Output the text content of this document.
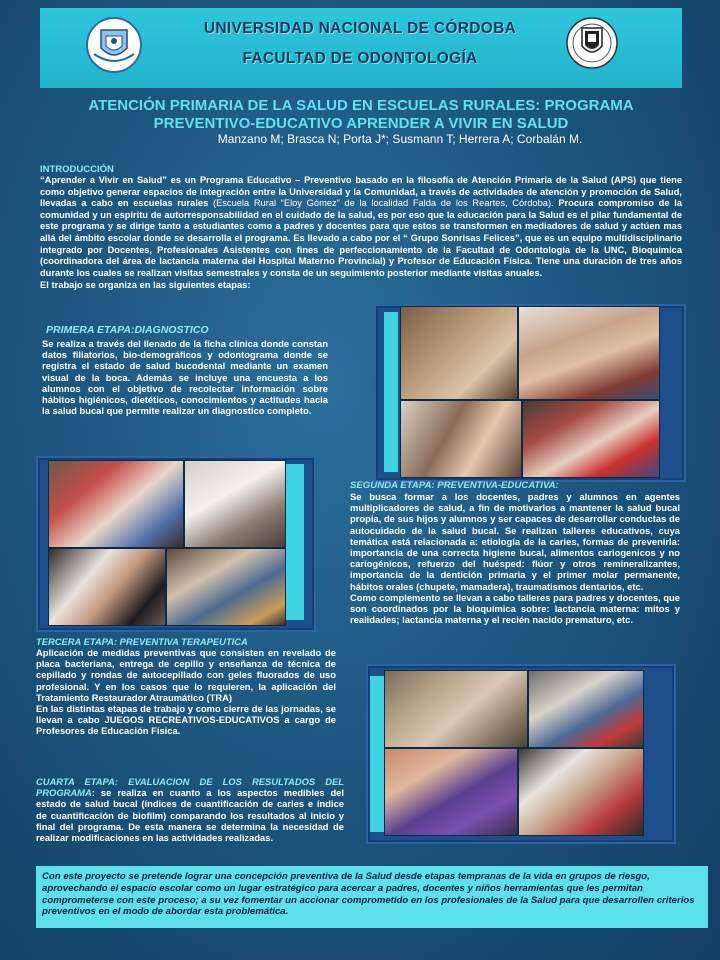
UNIVERSIDAD NACIONAL DE CÓRDOBA
FACULTAD DE ODONTOLOGÍA
ATENCIÓN PRIMARIA DE LA SALUD EN ESCUELAS RURALES: PROGRAMA
PREVENTIVO-EDUCATIVO APRENDER A VIVIR EN SALUD
Manzano M; Brasca N; Porta J*; Susmann T; Herrera A; Corbalán M.
INTRODUCCIÓN
“Aprender a Vivir en Salud” es un Programa Educativo – Preventivo basado en la filosofía de Atención Primaria de la Salud (APS) que tiene como objetivo generar espacios de integración entre la Universidad y la Comunidad, a través de actividades de atención y promoción de Salud, llevadas a cabo en escuelas rurales (Escuela Rural “Eloy Gómez” de la localidad Falda de los Reartes, Córdoba). Procura compromiso de la comunidad y un espíritu de autorresponsabilidad en el cuidado de la salud, es por eso que la educación para la Salud es el pilar fundamental de este programa y se dirige tanto a estudiantes como a padres y docentes para que estos se transformen en mediadores de salud y actúen mas allá del ámbito escolar donde se desarrolla el programa. Es llevado a cabo por el “ Grupo Sonrisas Felices”, que es un equipo multidisciplinario integrado por Docentes, Profesionales Asistentes con fines de perfeccionamiento de la Facultad de Odontología de la UNC, Bioquímica (coordinadora del área de lactancia materna del Hospital Materno Provincial) y Profesor de Educación Física. Tiene una duración de tres años durante los cuales se realizan visitas semestrales y consta de un seguimiento posterior mediante visitas anuales.
El trabajo se organiza en las siguientes etapas:
PRIMERA ETAPA:DIAGNOSTICO
Se realiza a través del llenado de la ficha clínica donde constan datos filiatorios, bio-demográficos y odontograma donde se registra el estado de salud bucodental mediante un examen visual de la boca. Además se incluye una encuesta a los alumnos con el objetivo de recolectar información sobre hábitos higiénicos, dietéticos, conocimientos y actitudes hacia la salud bucal que permite realizar un diagnostico completo.
SEGUNDA ETAPA: PREVENTIVA-EDUCATIVA:
Se busca formar a los docentes, padres y alumnos en agentes multiplicadores de salud, a fin de motivarlos a mantener la salud bucal propia, de sus hijos y alumnos y ser capaces de desarrollar conductas de autocuidado de la salud bucal. Se realizan talleres educativos, cuya temática está relacionada a: etiología de la caries, formas de prevenirla: importancia de una correcta higiene bucal, alimentos cariogenicos y no cariogénicos, refuerzo del huésped: flúor y otros remineralizantes, importancia de la dentición primaria y el primer molar permanente, hábitos orales (chupete, mamadera), traumatismos dentarios, etc.
Como complemento se llevan a cabo talleres para padres y docentes, que son coordinados por la bioquímica sobre: lactancia materna: mitos y realidades; lactancia materna y el recién nacido prematuro, etc.
TERCERA ETAPA: PREVENTIVA TERAPEUTICA
Aplicación de medidas preventivas que consisten en revelado de placa bacteriana, entrega de cepillo y enseñanza de técnica de cepillado y rondas de autocepillado con geles fluorados de uso profesional. Y en los casos que lo requieren, la aplicación del Tratamiento Restaurador Atraumático (TRA)
En las distintas etapas de trabajo y como cierre de las jornadas, se llevan a cabo JUEGOS RECREATIVOS-EDUCATIVOS a cargo de Profesores de Educación Física.
CUARTA ETAPA: EVALUACION DE LOS RESULTADOS DEL PROGRAMA: se realiza en cuanto a los aspectos medibles del estado de salud bucal (índices de cuantificación de caries e índice de cuantificación de biofilm) comparando los resultados al inicio y final del programa. De esta manera se determina la necesidad de realizar modificaciones en las actividades realizadas.
Con este proyecto se pretende lograr una concepción preventiva de la Salud desde etapas tempranas de la vida en grupos de riesgo, aprovechando el espacio escolar como un lugar estratégico para acercar a padres, docentes y niños herramientas que les permitan comprometerse con este proceso; a su vez fomentar un accionar comprometido en los profesionales de la Salud para que desarrollen criterios preventivos en el modo de abordar esta problemática.
